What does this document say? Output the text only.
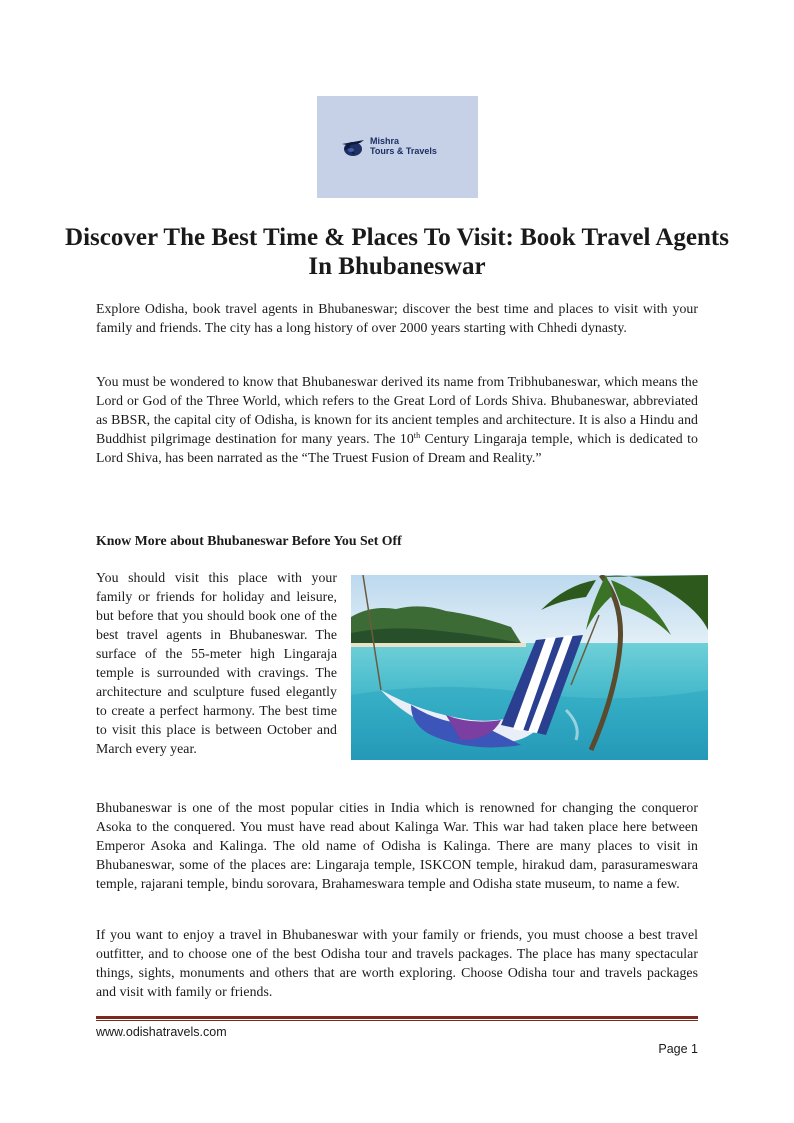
Mishra
Tours & Travels
Discover The Best Time & Places To Visit: Book Travel Agents In Bhubaneswar

Explore Odisha, book travel agents in Bhubaneswar; discover the best time and places to visit with your family and friends. The city has a long history of over 2000 years starting with Chhedi dynasty.

You must be wondered to know that Bhubaneswar derived its name from Tribhubaneswar, which means the Lord or God of the Three World, which refers to the Great Lord of Lords Shiva. Bhubaneswar, abbreviated as BBSR, the capital city of Odisha, is known for its ancient temples and architecture. It is also a Hindu and Buddhist pilgrimage destination for many years. The 10th Century Lingaraja temple, which is dedicated to Lord Shiva, has been narrated as the “The Truest Fusion of Dream and Reality.”

Know More about Bhubaneswar Before You Set Off

You should visit this place with your family or friends for holiday and leisure, but before that you should book one of the best travel agents in Bhubaneswar. The surface of the 55-meter high Lingaraja temple is surrounded with cravings. The architecture and sculpture fused elegantly to create a perfect harmony. The best time to visit this place is between October and March every year.

Bhubaneswar is one of the most popular cities in India which is renowned for changing the conqueror Asoka to the conquered. You must have read about Kalinga War. This war had taken place here between Emperor Asoka and Kalinga. The old name of Odisha is Kalinga. There are many places to visit in Bhubaneswar, some of the places are: Lingaraja temple, ISKCON temple, hirakud dam, parasurameswara temple, rajarani temple, bindu sorovara, Brahameswara temple and Odisha state museum, to name a few.

If you want to enjoy a travel in Bhubaneswar with your family or friends, you must choose a best travel outfitter, and to choose one of the best Odisha tour and travels packages. The place has many spectacular things, sights, monuments and others that are worth exploring. Choose Odisha tour and travels packages and visit with family or friends.

www.odishatravels.com
Page 1
